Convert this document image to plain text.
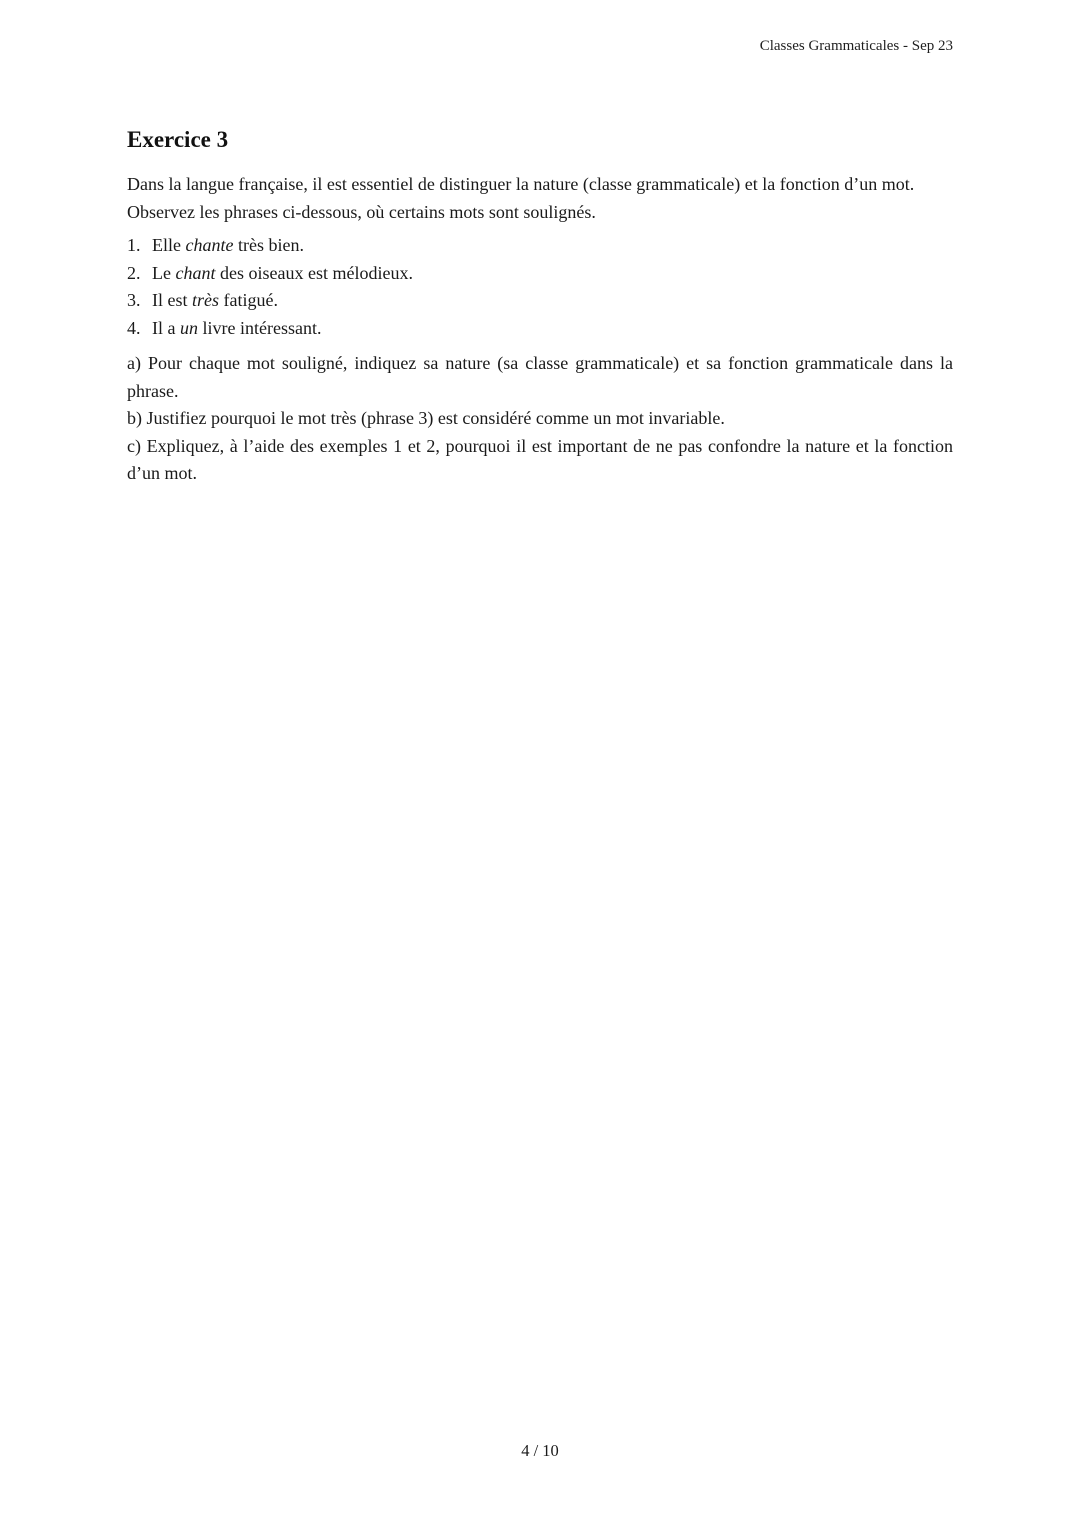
Classes Grammaticales - Sep 23
Exercice 3

Dans la langue française, il est essentiel de distinguer la nature (classe grammaticale) et la fonction d’un mot.

Observez les phrases ci-dessous, où certains mots sont soulignés.

1. Elle chante très bien.
2. Le chant des oiseaux est mélodieux.
3. Il est très fatigué.
4. Il a un livre intéressant.

a) Pour chaque mot souligné, indiquez sa nature (sa classe grammaticale) et sa fonction grammaticale dans la phrase.

b) Justifiez pourquoi le mot très (phrase 3) est considéré comme un mot invariable.

c) Expliquez, à l’aide des exemples 1 et 2, pourquoi il est important de ne pas confondre la nature et la fonction d’un mot.

4 / 10
